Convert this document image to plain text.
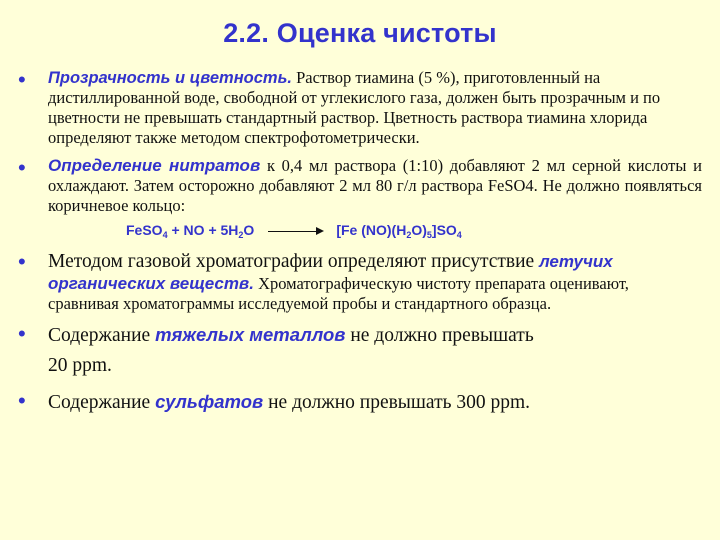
2.2. Оценка чистоты
• Прозрачность и цветность. Раствор тиамина (5 %), приготовленный на дистиллированной воде, свободной от углекислого газа, должен быть прозрачным и по цветности не превышать стандартный раствор. Цветность раствора тиамина хлорида определяют также методом спектрофотометрически.
• Определение нитратов к 0,4 мл раствора (1:10) добавляют 2 мл серной кислоты и охлаждают. Затем осторожно добавляют 2 мл 80 г/л раствора FeSO4. Не должно появляться коричневое кольцо:
FeSO$_4$ + NO + $5H_2O$	[Fe $(NO)(H_2O)_5]SO_4$
• Методом газовой хроматографии определяют присутствие летучих органических веществ. Хроматографическую чистоту препарата оценивают, сравнивая хроматограммы исследуемой пробы и стандартного образца.
• Содержание тяжелых металлов не должно превышать
20 ppm.
• Содержание сульфатов не должно превышать 300 ppm.
